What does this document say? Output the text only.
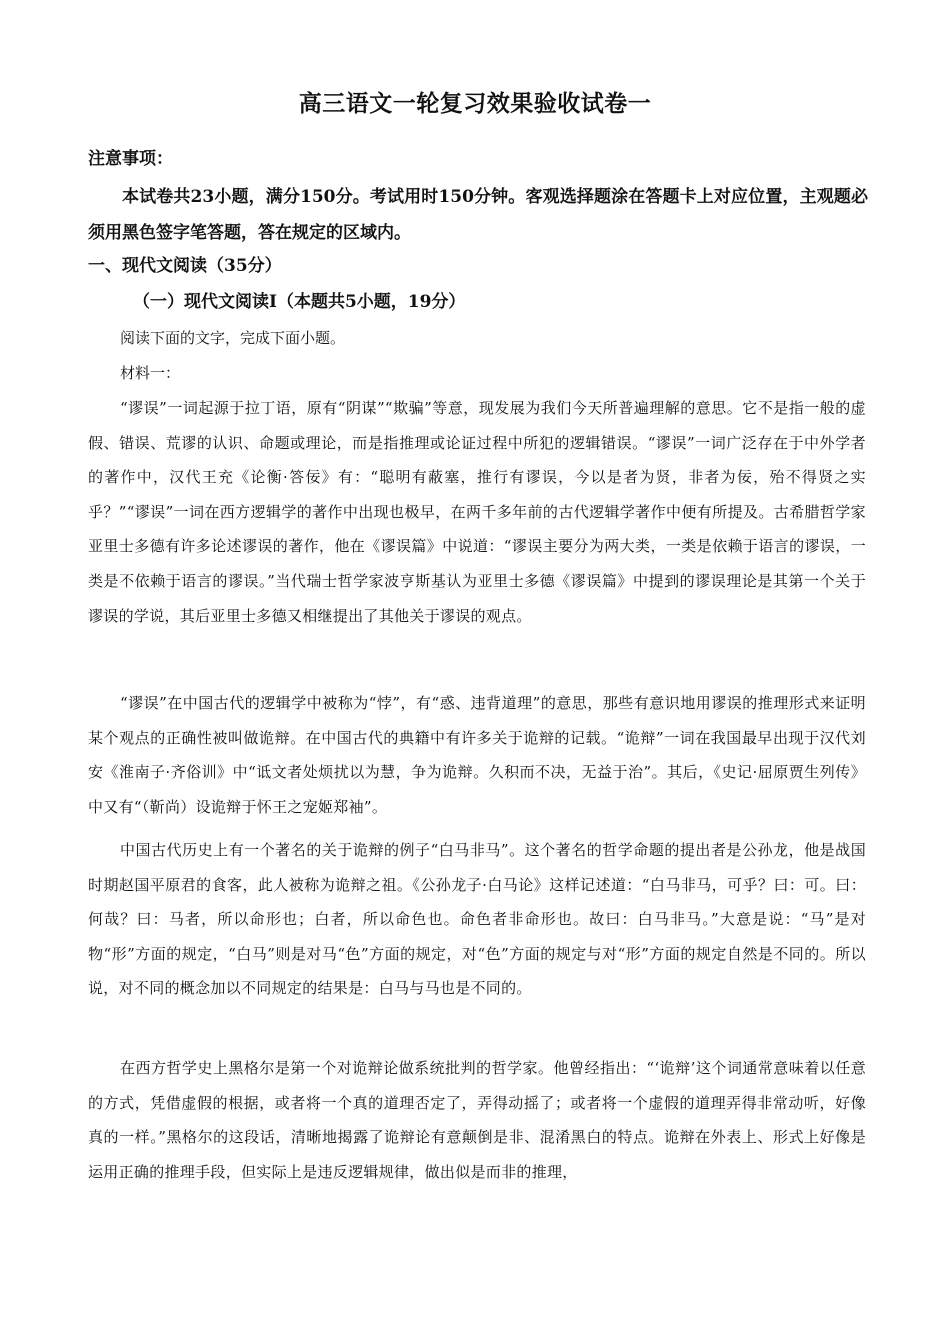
高三语文一轮复习效果验收试卷一
注意事项：
本试卷共23小题，满分150分。考试用时150分钟。客观选择题涂在答题卡上对应位置，主观题必须用黑色签字笔答题，答在规定的区域内。
一、现代文阅读（35分）
（一）现代文阅读Ⅰ（本题共5小题，19分）
阅读下面的文字，完成下面小题。
材料一：
“谬误”一词起源于拉丁语，原有“阴谋”“欺骗”等意，现发展为我们今天所普遍理解的意思。它不是指一般的虚假、错误、荒谬的认识、命题或理论，而是指推理或论证过程中所犯的逻辑错误。“谬误”一词广泛存在于中外学者的著作中，汉代王充《论衡·答佞》有：“聪明有蔽塞，推行有谬误，今以是者为贤，非者为佞，殆不得贤之实乎？”“谬误”一词在西方逻辑学的著作中出现也极早，在两千多年前的古代逻辑学著作中便有所提及。古希腊哲学家亚里士多德有许多论述谬误的著作，他在《谬误篇》中说道：“谬误主要分为两大类，一类是依赖于语言的谬误，一类是不依赖于语言的谬误。”当代瑞士哲学家波亨斯基认为亚里士多德《谬误篇》中提到的谬误理论是其第一个关于谬误的学说，其后亚里士多德又相继提出了其他关于谬误的观点。
“谬误”在中国古代的逻辑学中被称为“悖”，有“惑、违背道理”的意思，那些有意识地用谬误的推理形式来证明某个观点的正确性被叫做诡辩。在中国古代的典籍中有许多关于诡辩的记载。“诡辩”一词在我国最早出现于汉代刘安《淮南子·齐俗训》中“诋文者处烦扰以为慧，争为诡辩。久积而不决，无益于治”。其后，《史记·屈原贾生列传》中又有“（靳尚）设诡辩于怀王之宠姬郑袖”。
中国古代历史上有一个著名的关于诡辩的例子“白马非马”。这个著名的哲学命题的提出者是公孙龙，他是战国时期赵国平原君的食客，此人被称为诡辩之祖。《公孙龙子·白马论》这样记述道：“白马非马，可乎？曰：可。曰：何哉？曰：马者，所以命形也；白者，所以命色也。命色者非命形也。故曰：白马非马。”大意是说：“马”是对物“形”方面的规定，“白马”则是对马“色”方面的规定，对“色”方面的规定与对“形”方面的规定自然是不同的。所以说，对不同的概念加以不同规定的结果是：白马与马也是不同的。
在西方哲学史上黑格尔是第一个对诡辩论做系统批判的哲学家。他曾经指出：“‘诡辩’这个词通常意味着以任意的方式，凭借虚假的根据，或者将一个真的道理否定了，弄得动摇了；或者将一个虚假的道理弄得非常动听，好像真的一样。”黑格尔的这段话，清晰地揭露了诡辩论有意颠倒是非、混淆黑白的特点。诡辩在外表上、形式上好像是运用正确的推理手段，但实际上是违反逻辑规律，做出似是而非的推理，
